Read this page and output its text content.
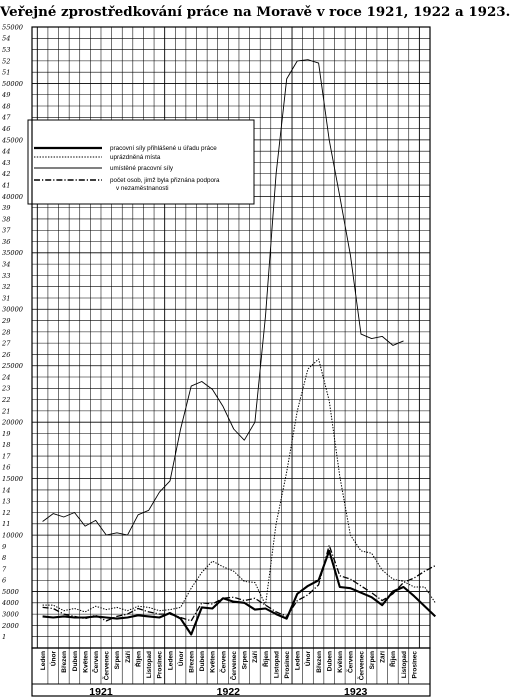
Veřejné zprostředkování práce na Moravě v roce 1921, 1922 a 1923.
1
2000
3000
4000
5000
6
7
8
9
10000
11
12
13
14
15000
16
17
18
19
20000
21
22
23
24
25000
26
27
28
29
30000
31
32
33
34
35000
36
37
38
39
40000
41
42
43
44
45000
46
47
48
49
50000
51
52
53
54
55000
Leden Únor Březen Duben Květen Červen Červenec Srpen Září Říjen Listopad Prosinec Leden Únor Březen Duben Květen Červen Červenec Srpen Září Říjen Listopad Prosinec Leden Únor Březen Duben Květen Červen Červenec Srpen Září Říjen Listopad Prosinec
pracovní síly přihlášené u úřadu práce
uprázdněná místa
umístěné pracovní síly
počet osob, jimž byla přiznána podpora
v nezaměstnanosti
1921	1922	1923
